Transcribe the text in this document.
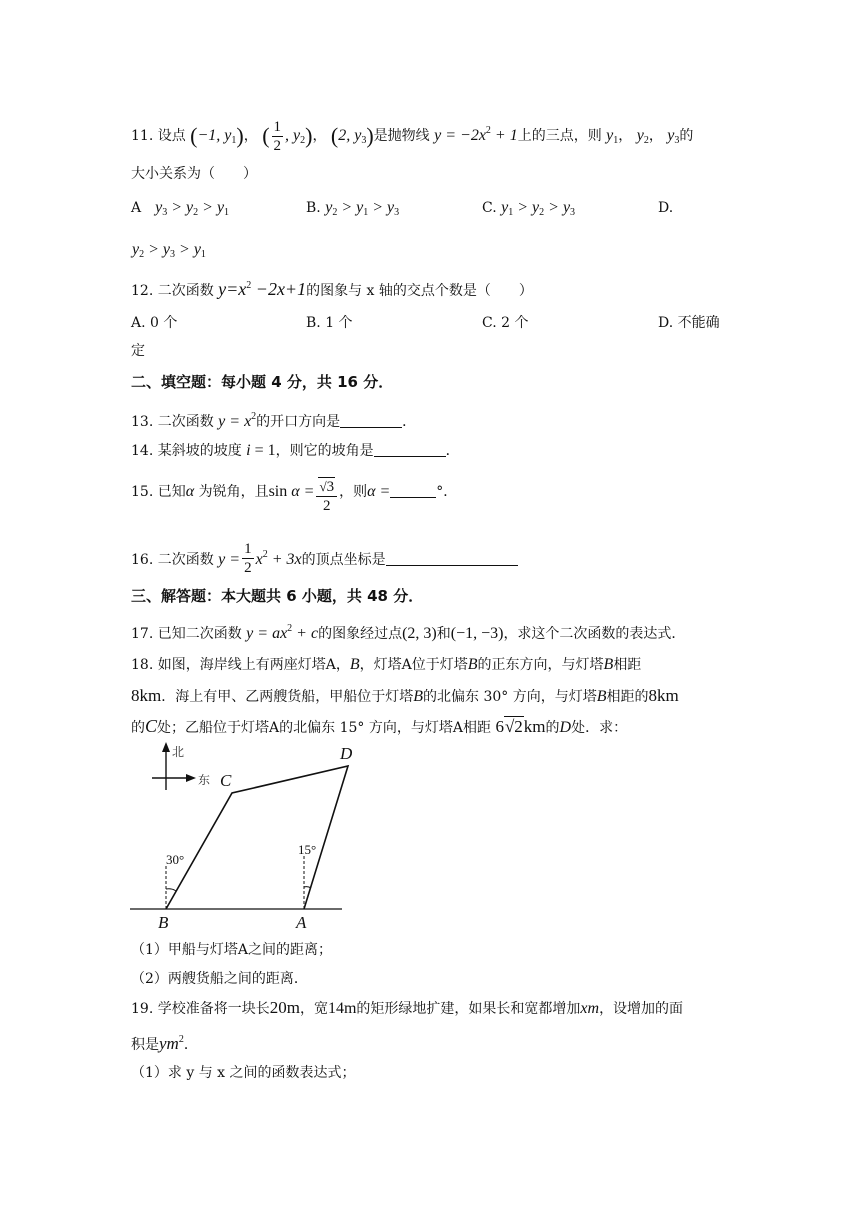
11. 设点 (−1, $y_1$)， ( $\frac{1}{2}$ , $y_2$)， (2, $y_3$)是抛物线 $y = -2x^2 + 1$上的三点，则 $y_1$， $y_2$， $y_3$的
大小关系为（　　）
A　 $y_3 > y_2 > y_1$	B. $y_2 > y_1 > y_3$	C. $y_1 > y_2 > y_3$	D.
$y_2 > y_3 > y_1$
12. 二次函数 $y=x^2 -2x+1$的图象与 x 轴的交点个数是（　　）
A. 0 个	B. 1 个	C. 2 个	D. 不能确
定
二、填空题：每小题 4 分，共 16 分．
13. 二次函数 $y = x^2$的开口方向是	．
14. 某斜坡的坡度 i = 1，则它的坡角是	．
15. 已知α 为锐角，且$\sin \alpha = \frac{√3}{2}$ ，则α =	°．
16. 二次函数 $y = \frac{1}{2} x^2 + 3x$的顶点坐标是
三、解答题：本大题共 6 小题，共 48 分．
17. 已知二次函数 $y = ax^2 + c$的图象经过点(2, 3)和(−1, −3)，求这个二次函数的表达式．
18. 如图，海岸线上有两座灯塔A，B，灯塔A位于灯塔B的正东方向，与灯塔B相距
8km．海上有甲、乙两艘货船，甲船位于灯塔B的北偏东 30° 方向，与灯塔B相距的8km
的C处；乙船位于灯塔A的北偏东 15° 方向，与灯塔A相距 6√2km的D处．求：
北
东
30°
15°
B	A
C
D
（1）甲船与灯塔A之间的距离；
（2）两艘货船之间的距离．
19. 学校准备将一块长20m，宽14m的矩形绿地扩建，如果长和宽都增加xm，设增加的面
积是$ym^2$．
（1）求 y 与 x 之间的函数表达式；
